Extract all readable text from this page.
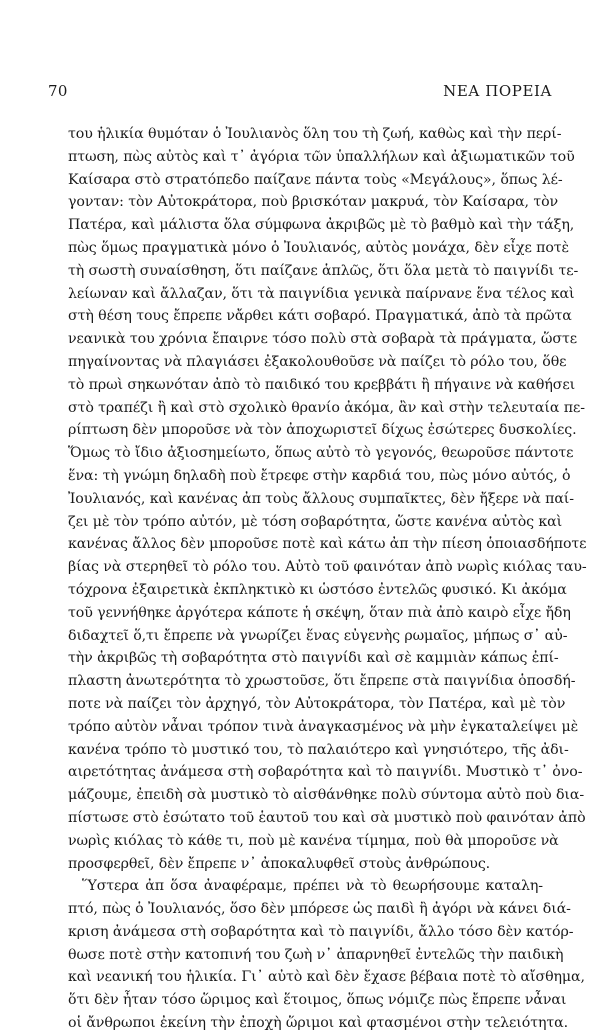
70	ΝΕΑ ΠΟΡΕΙΑ
του ἡλικία θυμόταν ὁ Ἰουλιανὸς ὅλη του τὴ ζωή, καθὼς καὶ τὴν περί-
πτωση, πὼς αὐτὸς καὶ τ᾽ ἀγόρια τῶν ὑπαλλήλων καὶ ἀξιωματικῶν τοῦ
Καίσαρα στὸ στρατόπεδο παίζανε πάντα τοὺς «Μεγάλους», ὅπως λέ-
γονταν: τὸν Αὐτοκράτορα, ποὺ βρισκόταν μακρυά, τὸν Καίσαρα, τὸν
Πατέρα, καὶ μάλιστα ὅλα σύμφωνα ἀκριβῶς μὲ τὸ βαθμὸ καὶ τὴν τάξη,
πὼς ὅμως πραγματικὰ μόνο ὁ Ἰουλιανός, αὐτὸς μονάχα, δὲν εἶχε ποτὲ
τὴ σωστὴ συναίσθηση, ὅτι παίζανε ἁπλῶς, ὅτι ὅλα μετὰ τὸ παιγνίδι τε-
λείωναν καὶ ἄλλαζαν, ὅτι τὰ παιγνίδια γενικὰ παίρνανε ἕνα τέλος καὶ
στὴ θέση τους ἔπρεπε νἄρθει κάτι σοβαρό. Πραγματικά, ἀπὸ τὰ πρῶτα
νεανικὰ του χρόνια ἔπαιρνε τόσο πολὺ στὰ σοβαρὰ τὰ πράγματα, ὥστε
πηγαίνοντας νὰ πλαγιάσει ἐξακολουθοῦσε νὰ παίζει τὸ ρόλο του, ὅθε
τὸ πρωὶ σηκωνόταν ἀπὸ τὸ παιδικό του κρεββάτι ἢ πήγαινε νὰ καθήσει
στὸ τραπέζι ἢ καὶ στὸ σχολικὸ θρανίο ἀκόμα, ἂν καὶ στὴν τελευταία πε-
ρίπτωση δὲν μποροῦσε νὰ τὸν ἀποχωριστεῖ δίχως ἐσώτερες δυσκολίες.
Ὅμως τὸ ἴδιο ἀξιοσημείωτο, ὅπως αὐτὸ τὸ γεγονός, θεωροῦσε πάντοτε
ἕνα: τὴ γνώμη δηλαδὴ ποὺ ἔτρεφε στὴν καρδιά του, πὼς μόνο αὐτός, ὁ
Ἰουλιανός, καὶ κανένας ἀπ τοὺς ἄλλους συμπαῖκτες, δὲν ἤξερε νὰ παί-
ζει μὲ τὸν τρόπο αὐτόν, μὲ τόση σοβαρότητα, ὥστε κανένα αὐτὸς καὶ
κανένας ἄλλος δὲν μποροῦσε ποτὲ καὶ κάτω ἀπ τὴν πίεση ὁποιασδήποτε
βίας νὰ στερηθεῖ τὸ ρόλο του. Αὐτὸ τοῦ φαινόταν ἀπὸ νωρὶς κιόλας ταυ-
τόχρονα ἐξαιρετικὰ ἐκπληκτικὸ κι ὡστόσο ἐντελῶς φυσικό. Κι ἀκόμα
τοῦ γεννήθηκε ἀργότερα κάποτε ἡ σκέψη, ὅταν πιὰ ἀπὸ καιρὸ εἶχε ἤδη
διδαχτεῖ ὅ,τι ἔπρεπε νὰ γνωρίζει ἕνας εὐγενὴς ρωμαῖος, μήπως σ᾽ αὐ-
τὴν ἀκριβῶς τὴ σοβαρότητα στὸ παιγνίδι καὶ σὲ καμμιὰν κάπως ἐπί-
πλαστη ἀνωτερότητα τὸ χρωστοῦσε, ὅτι ἔπρεπε στὰ παιγνίδια ὁποσδή-
ποτε νὰ παίζει τὸν ἀρχηγό, τὸν Αὐτοκράτορα, τὸν Πατέρα, καὶ μὲ τὸν
τρόπο αὐτὸν νἆναι τρόπον τινὰ ἀναγκασμένος νὰ μὴν ἐγκαταλείψει μὲ
κανένα τρόπο τὸ μυστικό του, τὸ παλαιότερο καὶ γνησιότερο, τῆς ἀδι-
αιρετότητας ἀνάμεσα στὴ σοβαρότητα καὶ τὸ παιγνίδι. Μυστικὸ τ᾽ ὀνο-
μάζουμε, ἐπειδὴ σὰ μυστικὸ τὸ αἰσθάνθηκε πολὺ σύντομα αὐτὸ ποὺ δια-
πίστωσε στὸ ἐσώτατο τοῦ ἑαυτοῦ του καὶ σὰ μυστικὸ ποὺ φαινόταν ἀπὸ
νωρὶς κιόλας τὸ κάθε τι, ποὺ μὲ κανένα τίμημα, ποὺ θὰ μποροῦσε νὰ
προσφερθεῖ, δὲν ἔπρεπε ν᾽ ἀποκαλυφθεῖ στοὺς ἀνθρώπους.
Ὕστερα ἀπ ὅσα ἀναφέραμε, πρέπει νὰ τὸ θεωρήσουμε καταλη-
πτό, πὼς ὁ Ἰουλιανός, ὅσο δὲν μπόρεσε ὡς παιδὶ ἢ ἀγόρι νὰ κάνει διά-
κριση ἀνάμεσα στὴ σοβαρότητα καὶ τὸ παιγνίδι, ἄλλο τόσο δὲν κατόρ-
θωσε ποτὲ στὴν κατοπινή του ζωὴ ν᾽ ἀπαρνηθεῖ ἐντελῶς τὴν παιδικὴ
καὶ νεανική του ἡλικία. Γι᾽ αὐτὸ καὶ δὲν ἔχασε βέβαια ποτὲ τὸ αἴσθημα,
ὅτι δὲν ἦταν τόσο ὥριμος καὶ ἕτοιμος, ὅπως νόμιζε πὼς ἔπρεπε νἆναι
οἱ ἄνθρωποι ἐκείνη τὴν ἐποχὴ ὥριμοι καὶ φτασμένοι στὴν τελειότητα.
